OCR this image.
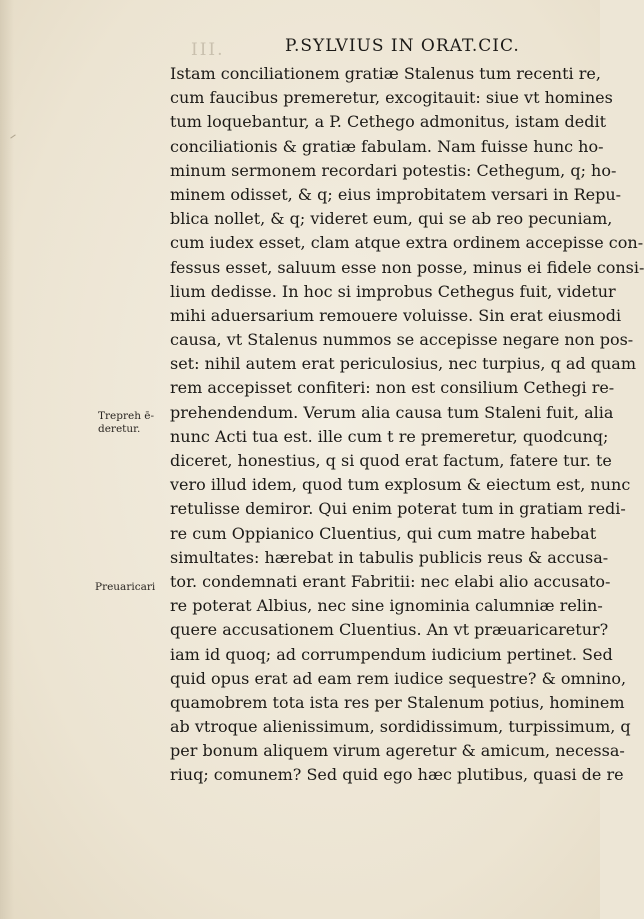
III.	P.SYLVIUS IN ORAT.CIC.
Trepreh ē-
deretur.
Preuaricari
Istam conciliationem gratiæ Stalenus tum recenti re,
cum faucibus premeretur, excogitauit: siue vt homines
tum loquebantur, a P. Cethego admonitus, istam dedit
conciliationis & gratiæ fabulam. Nam fuisse hunc ho-
minum sermonem recordari potestis: Cethegum, q; ho-
minem odisset, & q; eius improbitatem versari in Repu-
blica nollet, & q; videret eum, qui se ab reo pecuniam,
cum iudex esset, clam atque extra ordinem accepisse con-
fessus esset, saluum esse non posse, minus ei fidele consi-
lium dedisse. In hoc si improbus Cethegus fuit, videtur
mihi aduersarium remouere voluisse. Sin erat eiusmodi
causa, vt Stalenus nummos se accepisse negare non pos-
set: nihil autem erat periculosius, nec turpius, q ad quam
rem accepisset confiteri: non est consilium Cethegi re-
prehendendum. Verum alia causa tum Staleni fuit, alia
nunc Acti tua est. ille cum t re premeretur, quodcunq;
diceret, honestius, q si quod erat factum, fatere tur. te
vero illud idem, quod tum explosum & eiectum est, nunc
retulisse demiror. Qui enim poterat tum in gratiam redi-
re cum Oppianico Cluentius, qui cum matre habebat
simultates: hærebat in tabulis publicis reus & accusa-
tor. condemnati erant Fabritii: nec elabi alio accusato-
re poterat Albius, nec sine ignominia calumniæ relin-
quere accusationem Cluentius. An vt præuaricaretur?
iam id quoq; ad corrumpendum iudicium pertinet. Sed
quid opus erat ad eam rem iudice sequestre? & omnino,
quamobrem tota ista res per Stalenum potius, hominem
ab vtroque alienissimum, sordidissimum, turpissimum, q
per bonum aliquem virum ageretur & amicum, necessa-
riuq; comunem? Sed quid ego hæc plutibus, quasi de re
